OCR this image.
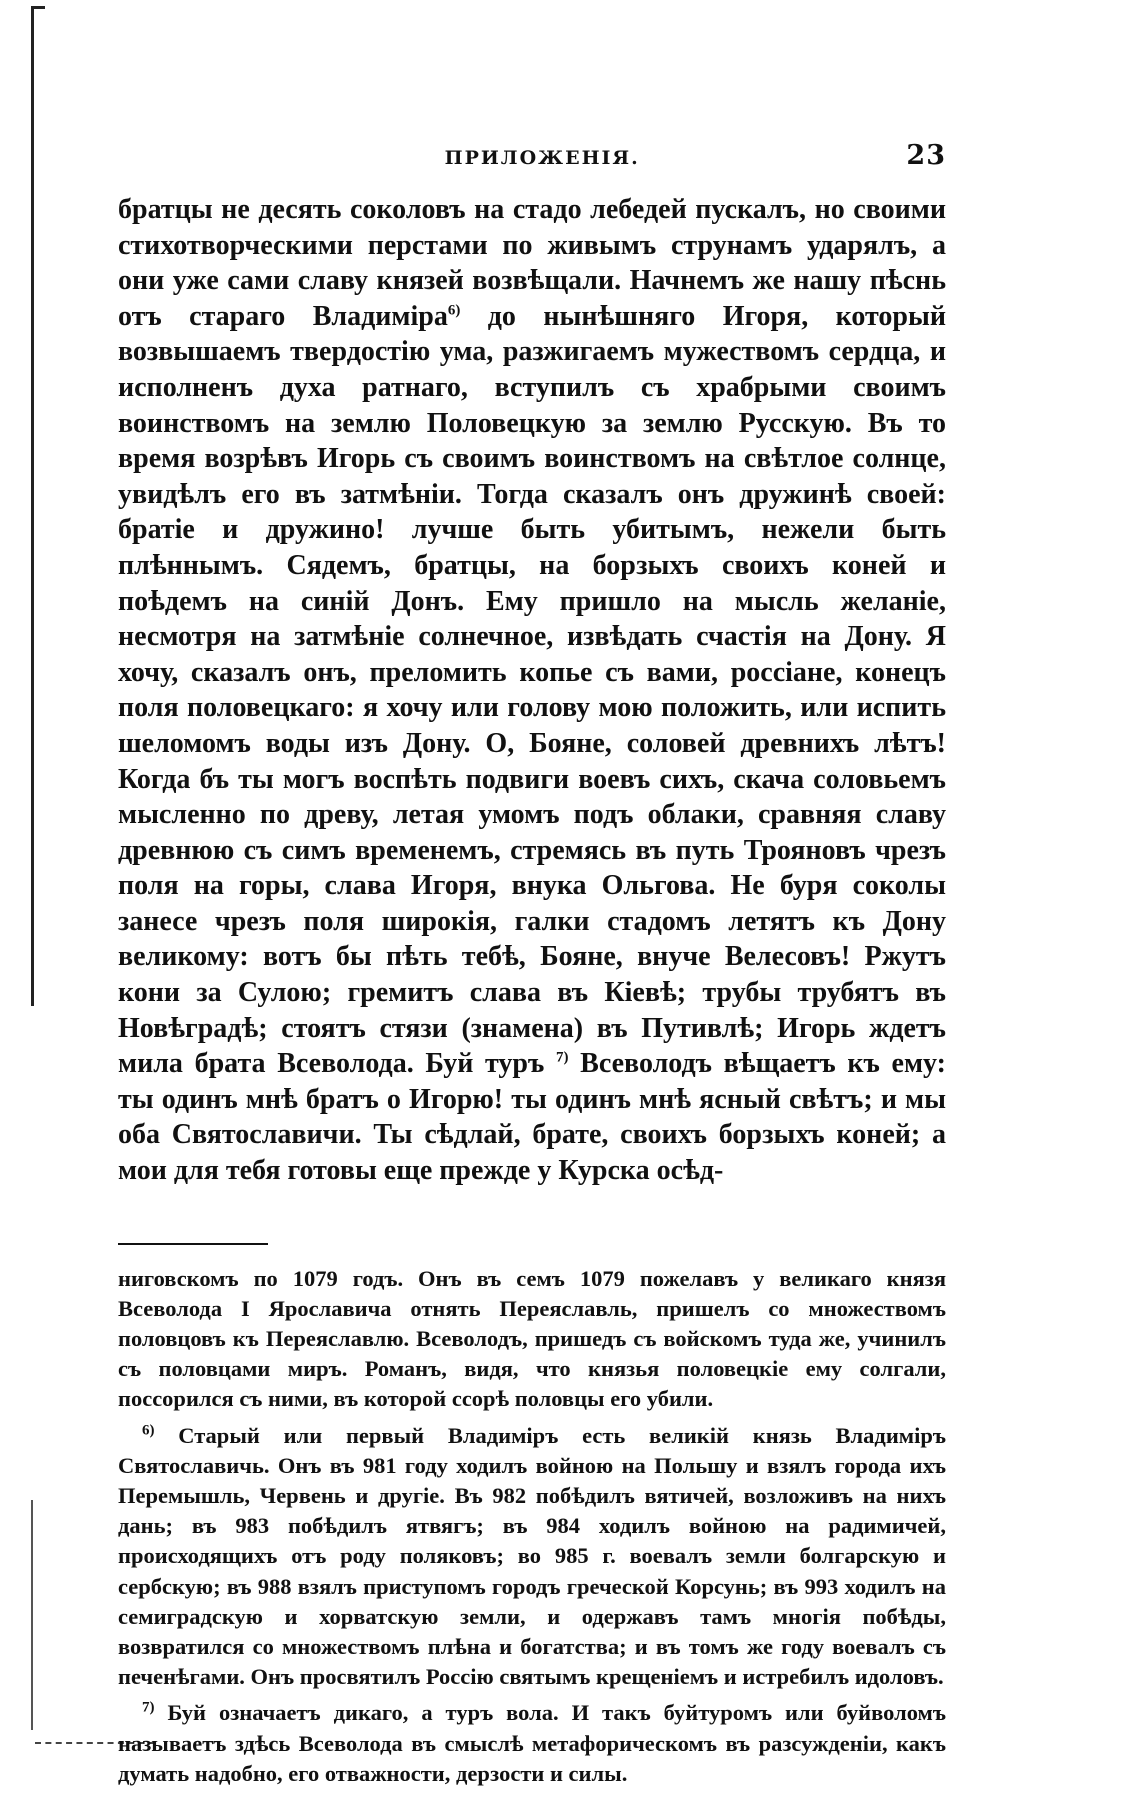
ПРИЛОЖЕНІЯ.	23
братцы не десять соколовъ на стадо лебедей пускалъ, но своими стихотворческими перстами по живымъ струнамъ ударялъ, а они уже сами славу князей возвѣщали. Начнемъ же нашу пѣснь отъ стараго Владиміра$^{6)}$ до нынѣшняго Игоря, который возвышаемъ твердостію ума, разжигаемъ мужествомъ сердца, и исполненъ духа ратнаго, вступилъ съ храбрыми своимъ воинствомъ на землю Половецкую за землю Русскую. Въ то время возрѣвъ Игорь съ своимъ воинствомъ на свѣтлое солнце, увидѣлъ его въ затмѣніи. Тогда сказалъ онъ дружинѣ своей: братіе и дружино! лучше быть убитымъ, нежели быть плѣннымъ. Сядемъ, братцы, на борзыхъ своихъ коней и поѣдемъ на синій Донъ. Ему пришло на мысль желаніе, несмотря на затмѣніе солнечное, извѣдать счастія на Дону. Я хочу, сказалъ онъ, преломить копье съ вами, россіане, конецъ поля половецкаго: я хочу или голову мою положить, или испить шеломомъ воды изъ Дону. О, Бояне, соловей древнихъ лѣтъ! Когда бъ ты могъ воспѣть подвиги воевъ сихъ, скача соловьемъ мысленно по древу, летая умомъ подъ облаки, сравняя славу древнюю съ симъ временемъ, стремясь въ путь Трояновъ чрезъ поля на горы, слава Игоря, внука Ольгова. Не буря соколы занесе чрезъ поля широкія, галки стадомъ летятъ къ Дону великому: вотъ бы пѣть тебѣ, Бояне, внуче Велесовъ! Ржутъ кони за Сулою; гремитъ слава въ Кіевѣ; трубы трубятъ въ Новѣградѣ; стоятъ стязи (знамена) въ Путивлѣ; Игорь ждетъ мила брата Всеволода. Буй туръ $^{7)}$ Всеволодъ вѣщаетъ къ ему: ты одинъ мнѣ братъ о Игорю! ты одинъ мнѣ ясный свѣтъ; и мы оба Святославичи. Ты сѣдлай, брате, своихъ борзыхъ коней; а мои для тебя готовы еще прежде у Курска осѣд-

ниговскомъ по 1079 годъ. Онъ въ семъ 1079 пожелавъ у великаго князя Всеволода I Ярославича отнять Переяславль, пришелъ со множествомъ половцовъ къ Переяславлю. Всеволодъ, пришедъ съ войскомъ туда же, учинилъ съ половцами миръ. Романъ, видя, что князья половецкіе ему солгали, поссорился съ ними, въ которой ссорѣ половцы его убили.

$^{6)}$ Старый или первый Владиміръ есть великій князь Владиміръ Святославичь. Онъ въ 981 году ходилъ войною на Польшу и взялъ города ихъ Перемышль, Червень и другіе. Въ 982 побѣдилъ вятичей, возложивъ на нихъ дань; въ 983 побѣдилъ ятвягъ; въ 984 ходилъ войною на радимичей, происходящихъ отъ роду поляковъ; во 985 г. воевалъ земли болгарскую и сербскую; въ 988 взялъ приступомъ городъ греческой Корсунь; въ 993 ходилъ на семиградскую и хорватскую земли, и одержавъ тамъ многія побѣды, возвратился со множествомъ плѣна и богатства; и въ томъ же году воевалъ съ печенѣгами. Онъ просвятилъ Россію святымъ крещеніемъ и истребилъ идоловъ.

$^{7)}$ Буй означаетъ дикаго, а туръ вола. И такъ буйтуромъ или буйволомъ называетъ здѣсь Всеволода въ смыслѣ метафорическомъ въ разсужденіи, какъ думать надобно, его отважности, дерзости и силы.
